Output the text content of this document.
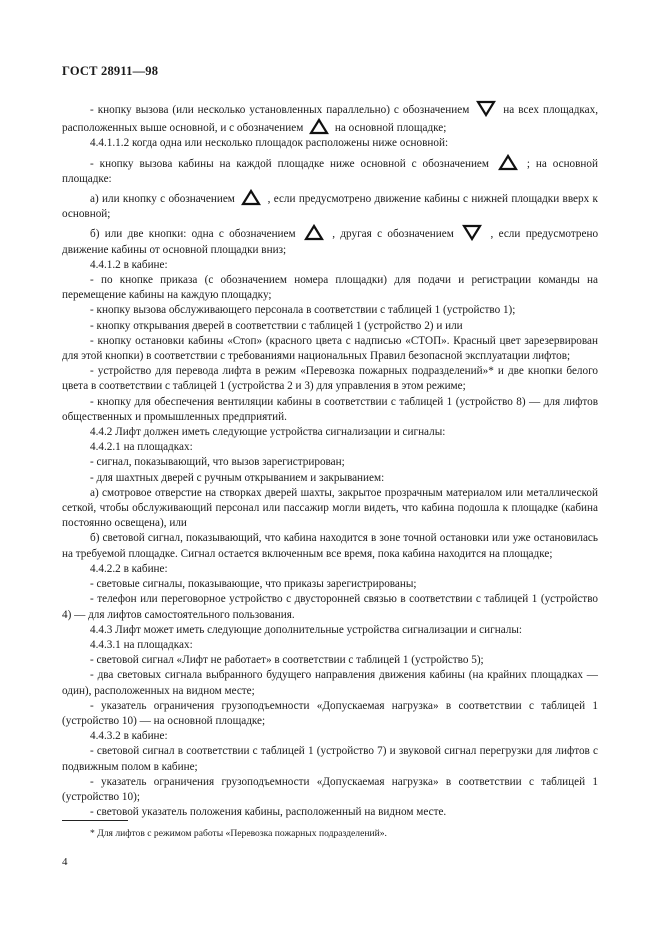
ГОСТ 28911—98

- кнопку вызова (или несколько установленных параллельно) с обозначением	на всех площадках, расположенных выше основной, и с обозначением	на основной площадке;

4.4.1.1.2 когда одна или несколько площадок расположены ниже основной:

- кнопку вызова кабины на каждой площадке ниже основной с обозначением	; на основной площадке:

а) или кнопку с обозначением	, если предусмотрено движение кабины с нижней площадки вверх к основной;

б) или две кнопки: одна с обозначением	, другая с обозначением	, если предусмотрено движение кабины от основной площадки вниз;

4.4.1.2 в кабине:

- по кнопке приказа (с обозначением номера площадки) для подачи и регистрации команды на перемещение кабины на каждую площадку;

- кнопку вызова обслуживающего персонала в соответствии с таблицей 1 (устройство 1);

- кнопку открывания дверей в соответствии с таблицей 1 (устройство 2) и или

- кнопку остановки кабины «Стоп» (красного цвета с надписью «СТОП». Красный цвет зарезервирован для этой кнопки) в соответствии с требованиями национальных Правил безопасной эксплуатации лифтов;

- устройство для перевода лифта в режим «Перевозка пожарных подразделений»* и две кнопки белого цвета в соответствии с таблицей 1 (устройства 2 и 3) для управления в этом режиме;

- кнопку для обеспечения вентиляции кабины в соответствии с таблицей 1 (устройство 8) — для лифтов общественных и промышленных предприятий.

4.4.2 Лифт должен иметь следующие устройства сигнализации и сигналы:

4.4.2.1 на площадках:

- сигнал, показывающий, что вызов зарегистрирован;

- для шахтных дверей с ручным открыванием и закрыванием:

а) смотровое отверстие на створках дверей шахты, закрытое прозрачным материалом или металлической сеткой, чтобы обслуживающий персонал или пассажир могли видеть, что кабина подошла к площадке (кабина постоянно освещена), или

б) световой сигнал, показывающий, что кабина находится в зоне точной остановки или уже остановилась на требуемой площадке. Сигнал остается включенным все время, пока кабина находится на площадке;

4.4.2.2 в кабине:

- световые сигналы, показывающие, что приказы зарегистрированы;

- телефон или переговорное устройство с двусторонней связью в соответствии с таблицей 1 (устройство 4) — для лифтов самостоятельного пользования.

4.4.3 Лифт может иметь следующие дополнительные устройства сигнализации и сигналы:

4.4.3.1 на площадках:

- световой сигнал «Лифт не работает» в соответствии с таблицей 1 (устройство 5);

- два световых сигнала выбранного будущего направления движения кабины (на крайних площадках — один), расположенных на видном месте;

- указатель ограничения грузоподъемности «Допускаемая нагрузка» в соответствии с таблицей 1 (устройство 10) — на основной площадке;

4.4.3.2 в кабине:

- световой сигнал в соответствии с таблицей 1 (устройство 7) и звуковой сигнал перегрузки для лифтов с подвижным полом в кабине;

- указатель ограничения грузоподъемности «Допускаемая нагрузка» в соответствии с таблицей 1 (устройство 10);

- световой указатель положения кабины, расположенный на видном месте.

* Для лифтов с режимом работы «Перевозка пожарных подразделений».
4
